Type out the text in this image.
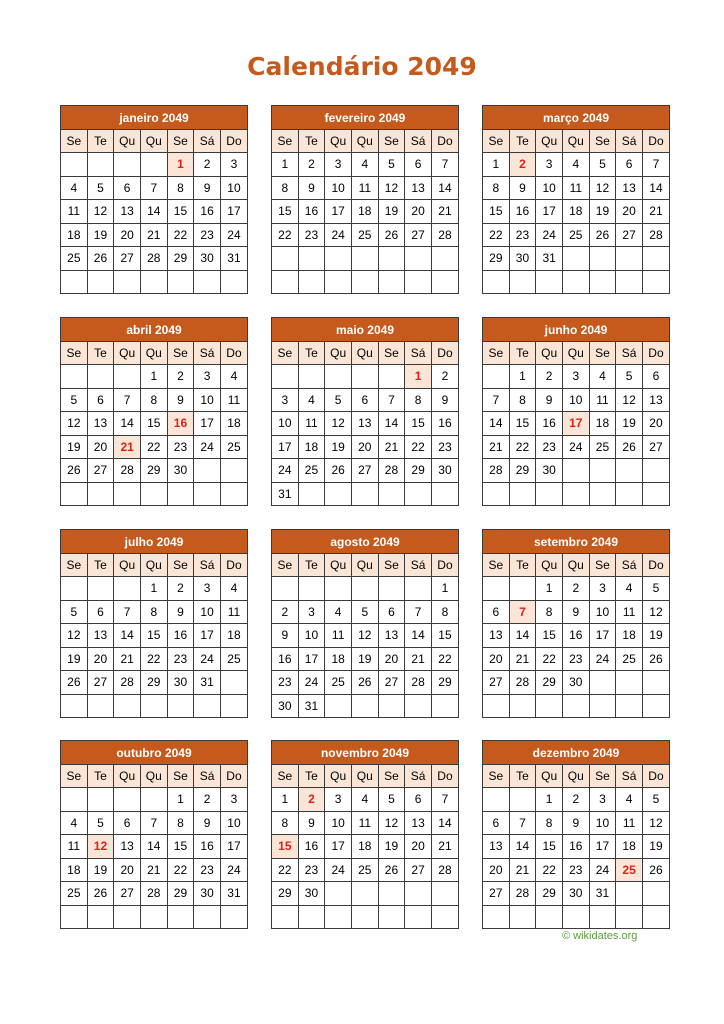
Calendário 2049
janeiro 2049						
Se	Te	Qu	Qu	Se	Sá	Do
				1	2	3
4	5	6	7	8	9	10
11	12	13	14	15	16	17
18	19	20	21	22	23	24
25	26	27	28	29	30	31

fevereiro 2049						
Se	Te	Qu	Qu	Se	Sá	Do
1	2	3	4	5	6	7
8	9	10	11	12	13	14
15	16	17	18	19	20	21
22	23	24	25	26	27	28

março 2049						
Se	Te	Qu	Qu	Se	Sá	Do
1	2	3	4	5	6	7
8	9	10	11	12	13	14
15	16	17	18	19	20	21
22	23	24	25	26	27	28
29	30	31				

abril 2049						
Se	Te	Qu	Qu	Se	Sá	Do
			1	2	3	4
5	6	7	8	9	10	11
12	13	14	15	16	17	18
19	20	21	22	23	24	25
26	27	28	29	30		

maio 2049						
Se	Te	Qu	Qu	Se	Sá	Do
					1	2
3	4	5	6	7	8	9
10	11	12	13	14	15	16
17	18	19	20	21	22	23
24	25	26	27	28	29	30
31						
junho 2049						
Se	Te	Qu	Qu	Se	Sá	Do
	1	2	3	4	5	6
7	8	9	10	11	12	13
14	15	16	17	18	19	20
21	22	23	24	25	26	27
28	29	30				

julho 2049						
Se	Te	Qu	Qu	Se	Sá	Do
			1	2	3	4
5	6	7	8	9	10	11
12	13	14	15	16	17	18
19	20	21	22	23	24	25
26	27	28	29	30	31	

agosto 2049						
Se	Te	Qu	Qu	Se	Sá	Do
						1
2	3	4	5	6	7	8
9	10	11	12	13	14	15
16	17	18	19	20	21	22
23	24	25	26	27	28	29
30	31					
setembro 2049						
Se	Te	Qu	Qu	Se	Sá	Do
		1	2	3	4	5
6	7	8	9	10	11	12
13	14	15	16	17	18	19
20	21	22	23	24	25	26
27	28	29	30			

outubro 2049						
Se	Te	Qu	Qu	Se	Sá	Do
				1	2	3
4	5	6	7	8	9	10
11	12	13	14	15	16	17
18	19	20	21	22	23	24
25	26	27	28	29	30	31

novembro 2049						
Se	Te	Qu	Qu	Se	Sá	Do
1	2	3	4	5	6	7
8	9	10	11	12	13	14
15	16	17	18	19	20	21
22	23	24	25	26	27	28
29	30					

dezembro 2049						
Se	Te	Qu	Qu	Se	Sá	Do
		1	2	3	4	5
6	7	8	9	10	11	12
13	14	15	16	17	18	19
20	21	22	23	24	25	26
27	28	29	30	31		

© wikidates.org
